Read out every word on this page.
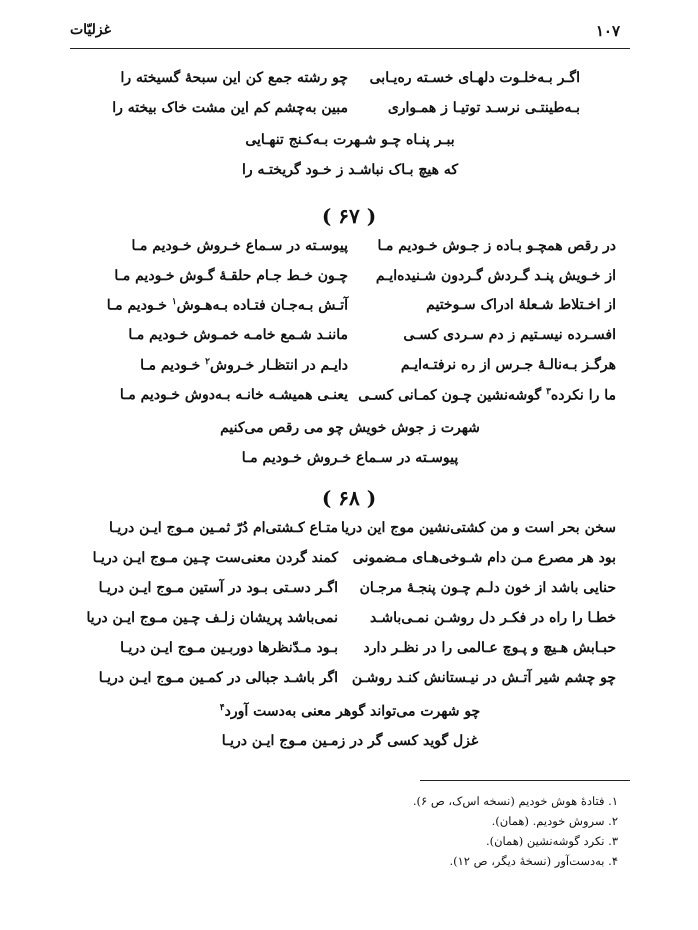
۱۰۷
غزلیّات
اگـر بـه‌خلـوت دلهـای خسـته ره‌یـابی
چو رشته جمع کن این سبحهٔ گسیخته را
بـه‌طینتـی نرسـد توتیـا ز همـواری
مبین به‌چشم کم این مشت خاک بیخته را
ببـر پنـاه چـو شـهرت بـه‌کـنج تنهـایی
که هیچ بـاک نباشـد ز خـود گریختـه را
( ۶۷ )
در رقص همچـو بـاده ز جـوش خـودیم مـا
پیوسـته در سـماع خـروش خـودیم مـا
از خـویش پنـد گـردش گـردون شـنیده‌ایـم
چـون خـط جـام حلقـهٔ گـوش خـودیم مـا
از اخـتلاط شـعلهٔ ادراک سـوختیم
آتـش بـه‌جـان فتـاده بـه‌هـوش$^۱$ خـودیم مـا
افسـرده نیسـتیم ز دم سـردی کسـی
ماننـد شـمع خامـه خمـوش خـودیم مـا
هرگـز بـه‌نالـهٔ جـرس از ره نرفتـه‌ایـم
دایـم در انتظـار خـروش$^۲$ خـودیم مـا
ما را نکرده$^۳$ گوشه‌نشین چـون کمـانی کسـی
یعنـی همیشـه خانـه بـه‌دوش خـودیم مـا
شهرت ز جوش خویش چو می رقص می‌کنیم
پیوسـته در سـماع خـروش خـودیم مـا
( ۶۸ )
سخن بحر است و من کشتی‌نشین موج این دریا
متـاع کـشتی‌ام دُرّ ثمـین مـوج ایـن دریـا
بود هر مصرع مـن دام شـوخی‌هـای مـضمونی
کمند گردن معنی‌ست چـین مـوج ایـن دریـا
حنایی باشد از خون دلـم چـون پنجـهٔ مرجـان
اگـر دسـتی بـود در آستین مـوج ایـن دریـا
خطـا را راه در فکـر دل روشـن نمـی‌باشـد
نمی‌باشد پریشان زلـف چـین مـوج ایـن دریا
حبـابش هـیچ و پـوچ عـالمی را در نظـر دارد
بـود مـدّنظرها دوربـین مـوج ایـن دریـا
چو چشم شیر آتـش در نیـستانش کنـد روشـن
اگر باشـد جبالی در کمـین مـوج ایـن دریـا
چو شهرت می‌تواند گوهر معنی به‌دست آورد$^۴$
غزل گوید کسی گر در زمـین مـوج ایـن دریـا
۱. فتادهٔ هوش خودیم (نسخه اس‌ک، ص ۶).
۲. سروش خودیم. (همان).
۳. نکرد گوشه‌نشین (همان).
۴. به‌دست‌آور (نسخهٔ دیگر، ص ۱۲).
